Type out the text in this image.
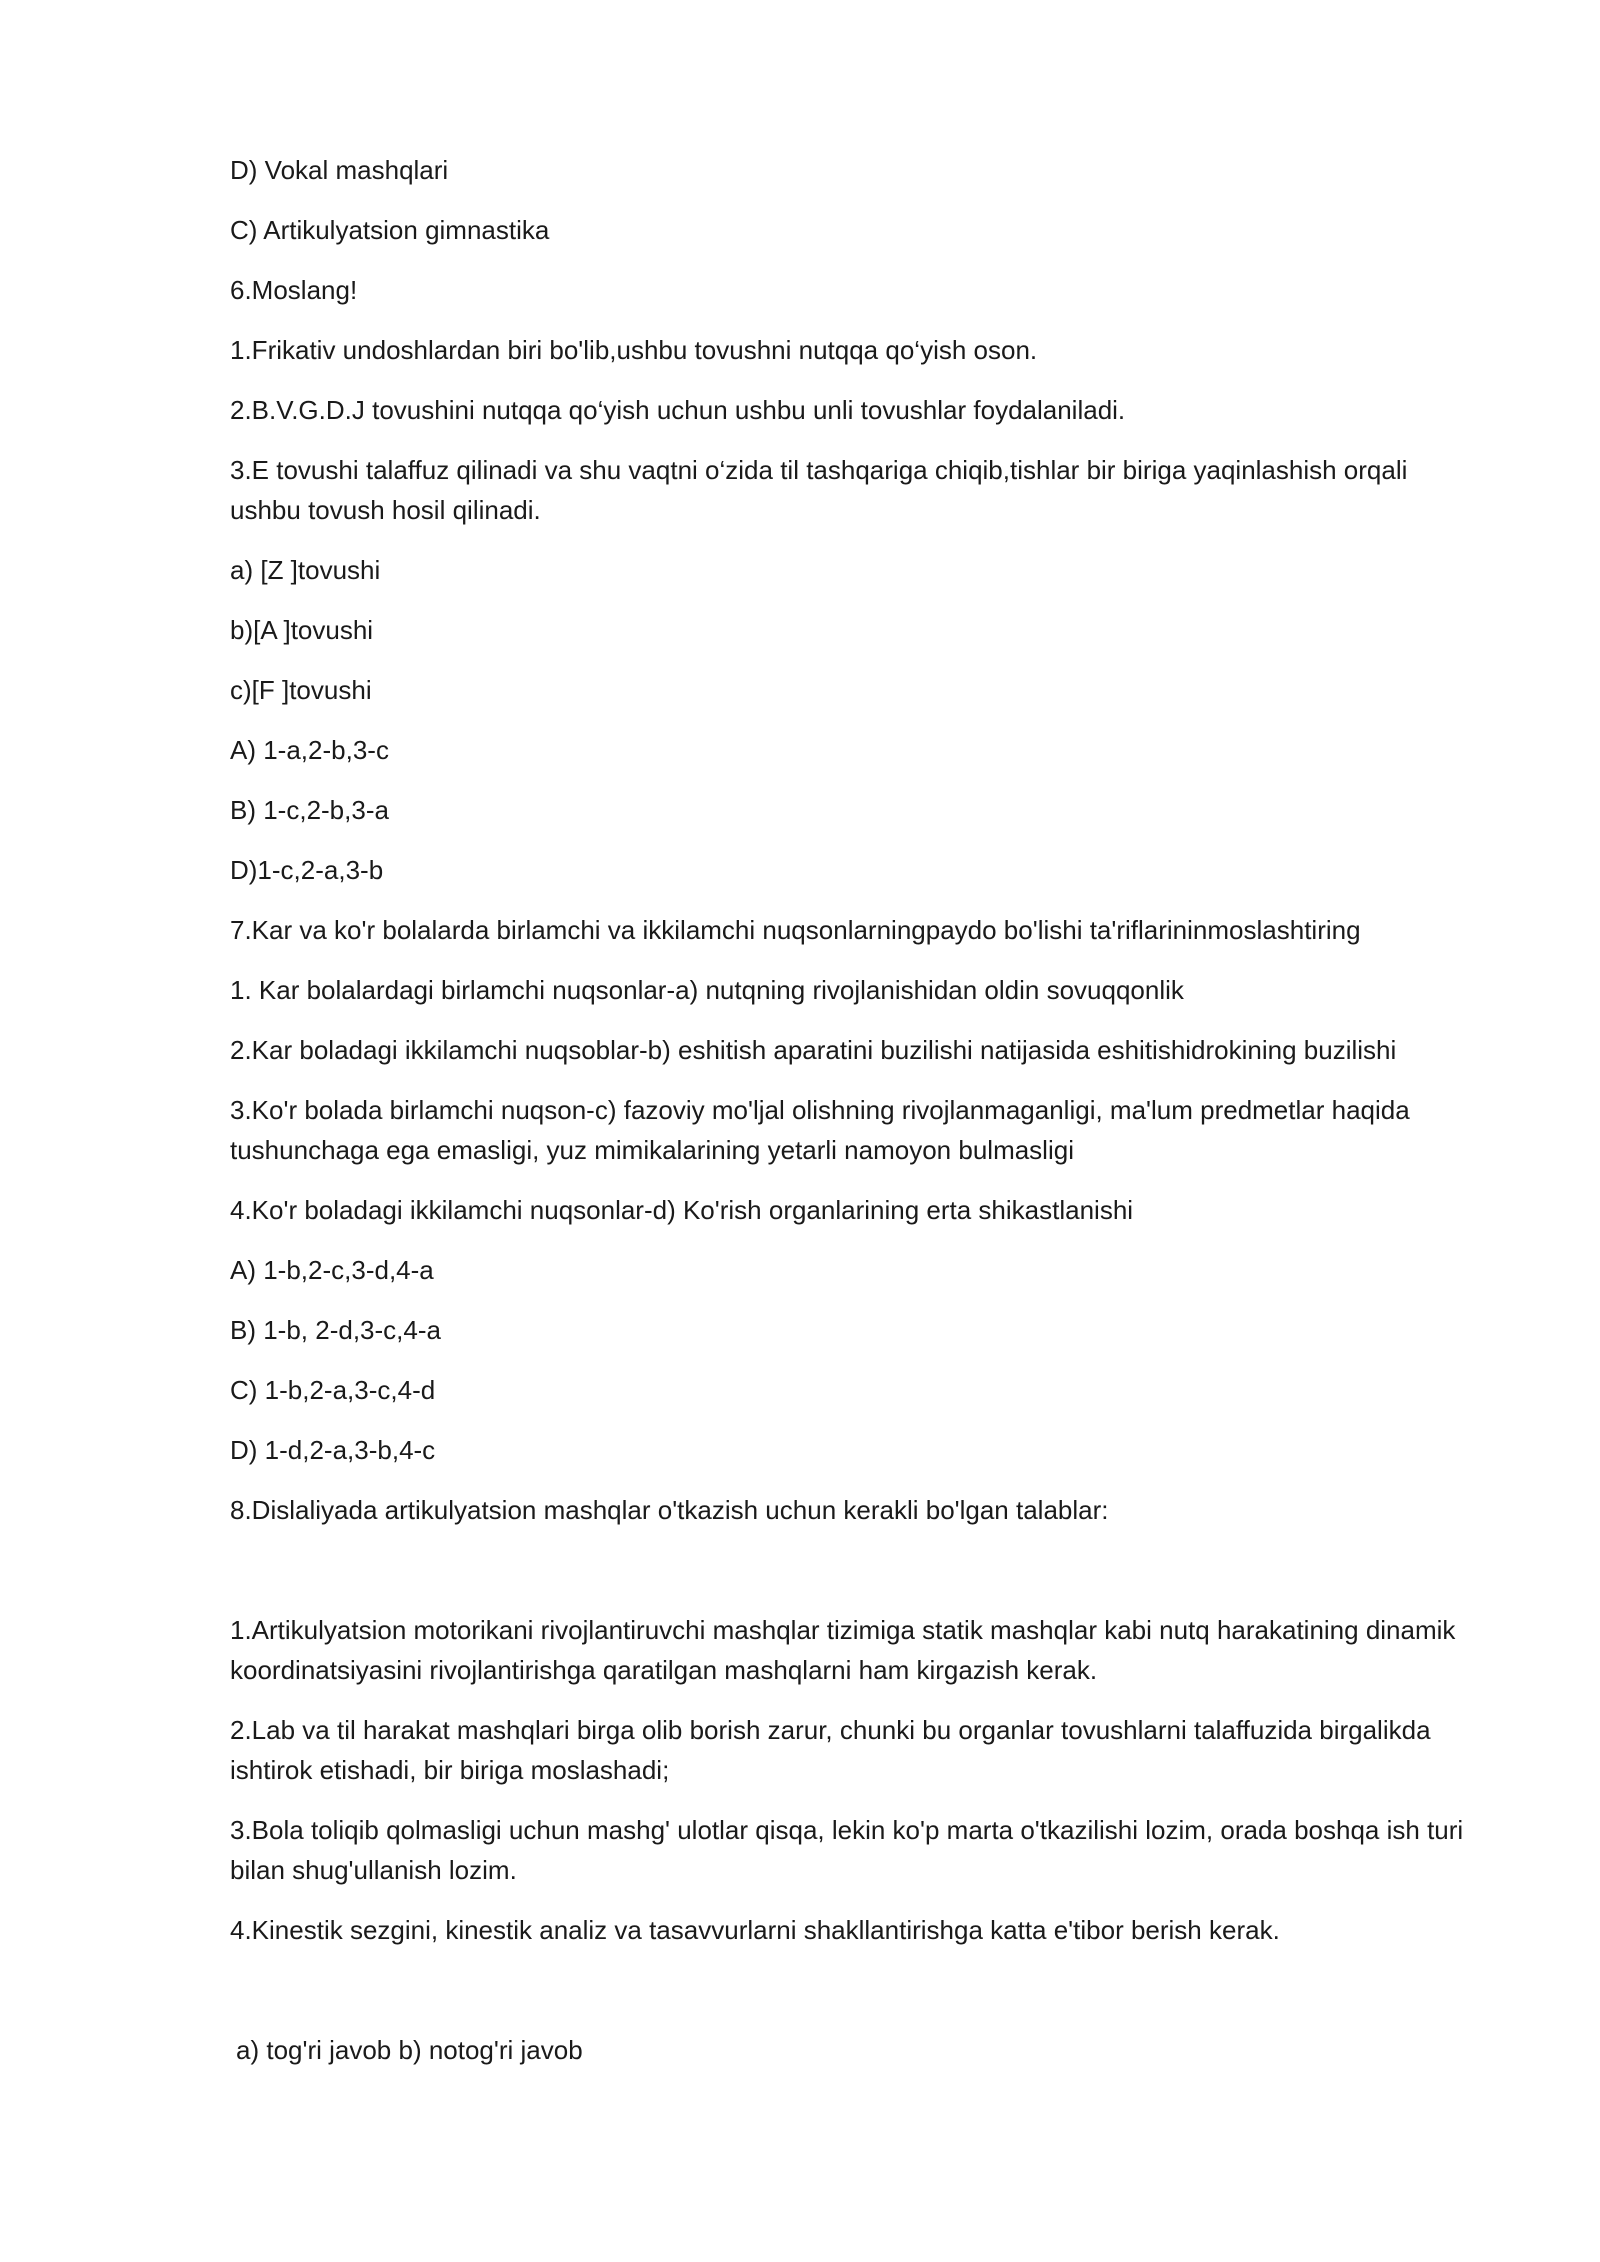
D) Vokal mashqlari

C) Artikulyatsion gimnastika

6.Moslang!

1.Frikativ undoshlardan biri bo'lib,ushbu tovushni nutqqa qo‘yish oson.

2.B.V.G.D.J tovushini nutqqa qo‘yish uchun ushbu unli tovushlar foydalaniladi.

3.E tovushi talaffuz qilinadi va shu vaqtni o‘zida til tashqariga chiqib,tishlar bir biriga yaqinlashish orqali ushbu tovush hosil qilinadi.

a) [Z ]tovushi

b)[A ]tovushi

c)[F ]tovushi

A) 1-a,2-b,3-c

B) 1-c,2-b,3-a

D)1-c,2-a,3-b

7.Kar va ko'r bolalarda birlamchi va ikkilamchi nuqsonlarningpaydo bo'lishi ta'riflarininmoslashtiring

1. Kar bolalardagi birlamchi nuqsonlar-a) nutqning rivojlanishidan oldin sovuqqonlik

2.Kar boladagi ikkilamchi nuqsoblar-b) eshitish aparatini buzilishi natijasida eshitishidrokining buzilishi

3.Ko'r bolada birlamchi nuqson-c) fazoviy mo'ljal olishning rivojlanmaganligi, ma'lum predmetlar haqida tushunchaga ega emasligi, yuz mimikalarining yetarli namoyon bulmasligi

4.Ko'r boladagi ikkilamchi nuqsonlar-d) Ko'rish organlarining erta shikastlanishi

A) 1-b,2-c,3-d,4-a

B) 1-b, 2-d,3-c,4-a

C) 1-b,2-a,3-c,4-d

D) 1-d,2-a,3-b,4-c

8.Dislaliyada artikulyatsion mashqlar o'tkazish uchun kerakli bo'lgan talablar:

1.Artikulyatsion motorikani rivojlantiruvchi mashqlar tizimiga statik mashqlar kabi nutq harakatining dinamik koordinatsiyasini rivojlantirishga qaratilgan mashqlarni ham kirgazish kerak.

2.Lab va til harakat mashqlari birga olib borish zarur, chunki bu organlar tovushlarni talaffuzida birgalikda ishtirok etishadi, bir biriga moslashadi;

3.Bola toliqib qolmasligi uchun mashg' ulotlar qisqa, lekin ko'p marta o'tkazilishi lozim, orada boshqa ish turi bilan shug'ullanish lozim.

4.Kinestik sezgini, kinestik analiz va tasavvurlarni shakllantirishga katta e'tibor berish kerak.

a) tog'ri javob b) notog'ri javob
